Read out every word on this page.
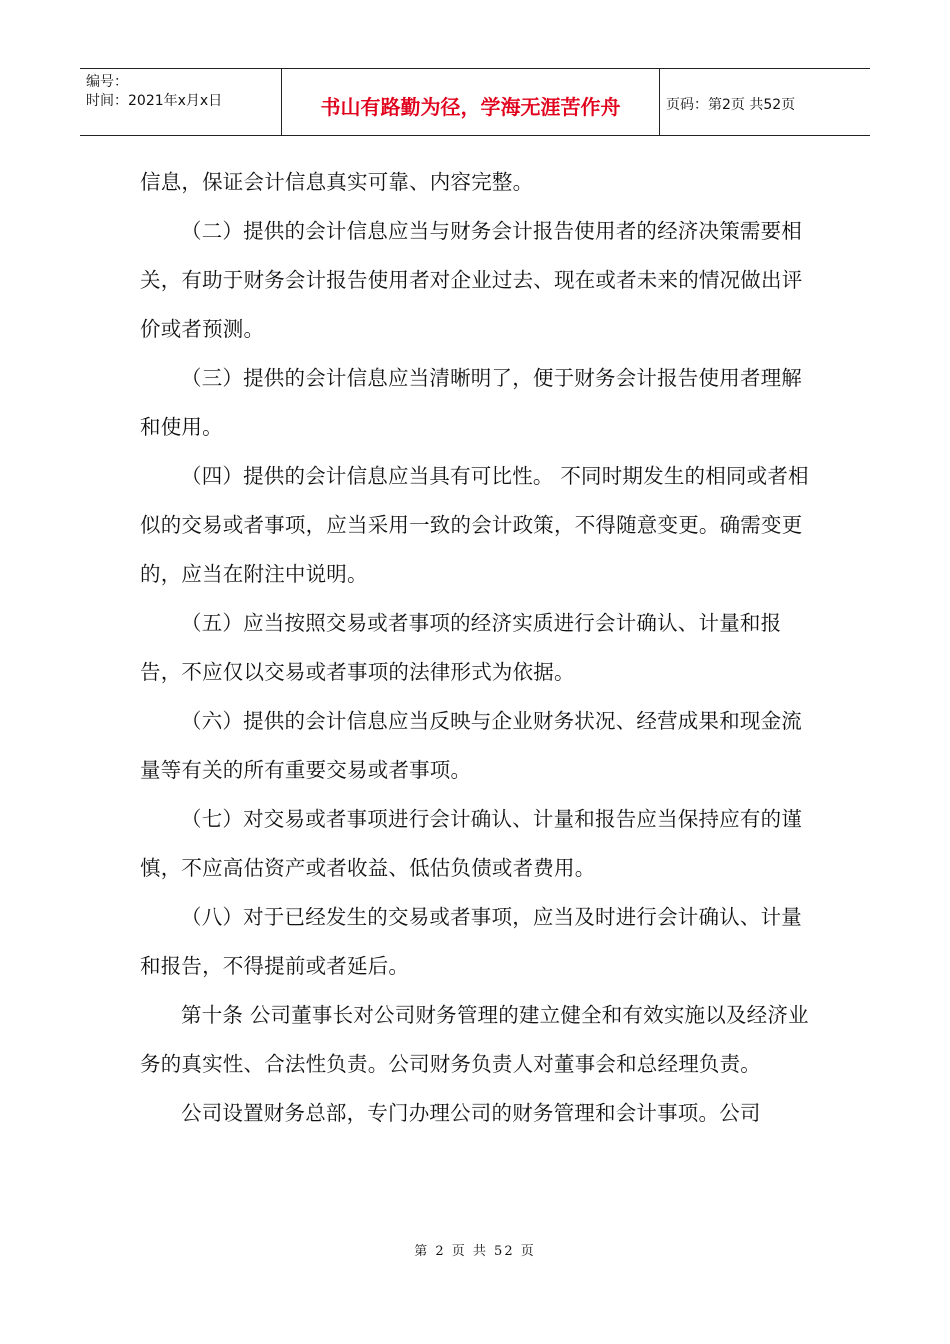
编号：
时间：2021年x月x日	书山有路勤为径，学海无涯苦作舟	页码：第2页 共52页

信息，保证会计信息真实可靠、内容完整。

（二）提供的会计信息应当与财务会计报告使用者的经济决策需要相关，有助于财务会计报告使用者对企业过去、现在或者未来的情况做出评价或者预测。

（三）提供的会计信息应当清晰明了，便于财务会计报告使用者理解和使用。

（四）提供的会计信息应当具有可比性。 不同时期发生的相同或者相似的交易或者事项，应当采用一致的会计政策，不得随意变更。确需变更的，应当在附注中说明。

（五）应当按照交易或者事项的经济实质进行会计确认、计量和报告，不应仅以交易或者事项的法律形式为依据。

（六）提供的会计信息应当反映与企业财务状况、经营成果和现金流量等有关的所有重要交易或者事项。

（七）对交易或者事项进行会计确认、计量和报告应当保持应有的谨慎，不应高估资产或者收益、低估负债或者费用。

（八）对于已经发生的交易或者事项，应当及时进行会计确认、计量和报告，不得提前或者延后。

第十条 公司董事长对公司财务管理的建立健全和有效实施以及经济业务的真实性、合法性负责。公司财务负责人对董事会和总经理负责。

公司设置财务总部，专门办理公司的财务管理和会计事项。公司

第 2 页 共 52 页
